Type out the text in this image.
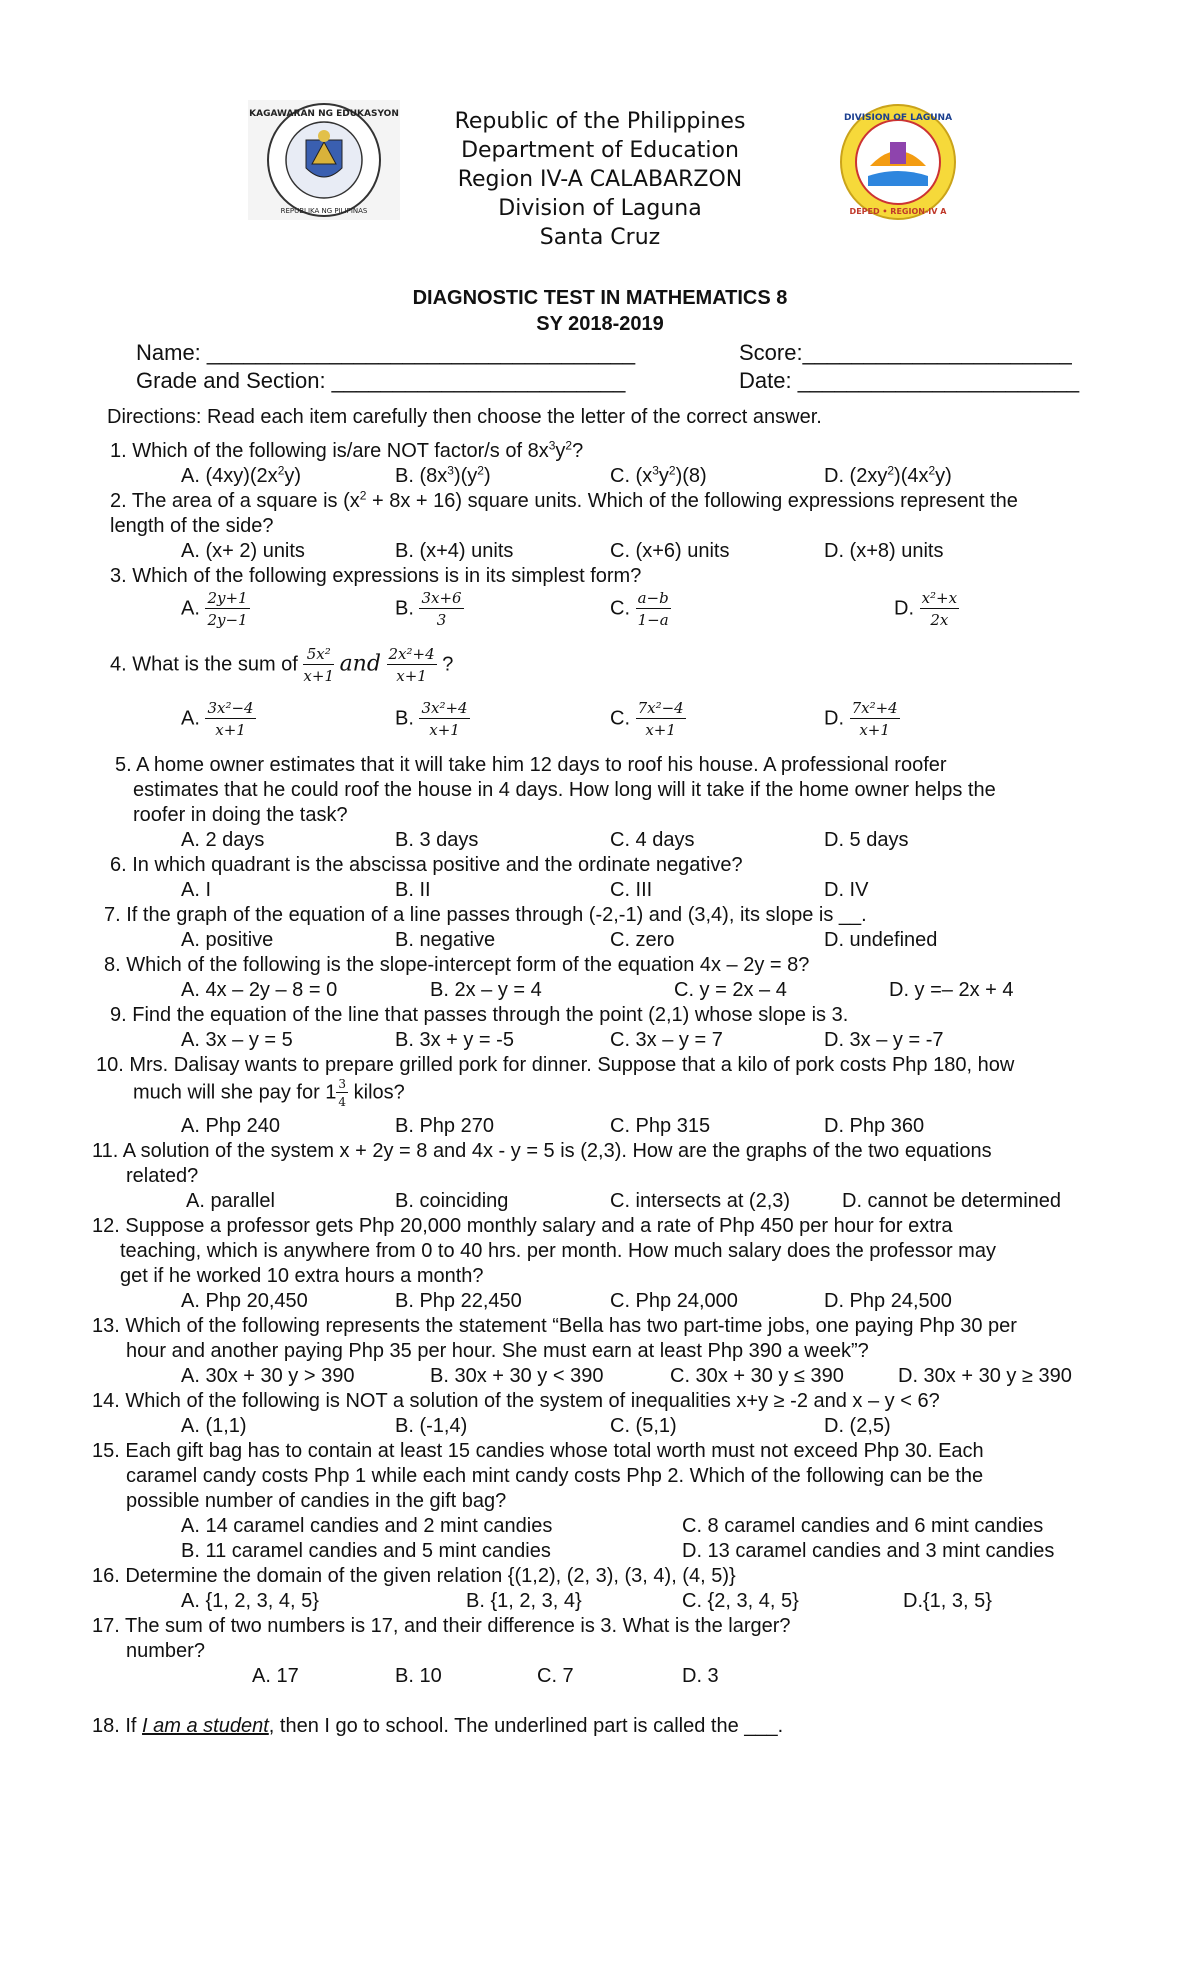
KAGAWARAN NG EDUKASYON
REPUBLIKA NG PILIPINAS
DIVISION OF LAGUNA
DEPED • REGION-IV A
Republic of the Philippines
Department of Education
Region IV-A CALABARZON
Division of Laguna
Santa Cruz
DIAGNOSTIC TEST IN MATHEMATICS 8
SY 2018-2019
Name: ___________________________________	Score:______________________
Grade and Section: ________________________	Date: _______________________
Directions: Read each item carefully then choose the letter of the correct answer.
1. Which of the following is/are NOT factor/s of $8x^3y^2$?
A. $(4xy)(2x^2y)$	B. $(8x^3)(y^2)$	C. $(x^3y^2)(8)$	D. $(2xy^2)(4x^2y)$
2. The area of a square is $(x^2 + 8x + 16)$ square units. Which of the following expressions represent the
length of the side?
A. (x+ 2) units	B. (x+4) units	C. (x+6) units	D. (x+8) units
3. Which of the following expressions is in its simplest form?
A. $\frac{2y+1}{2y-1}$	B. $\frac{3x+6}{3}$	C. $\frac{a-b}{1-a}$	D. $\frac{\text{x²+x}}{2x}$
4. What is the sum of $\frac{\text{5x²}}{x+1}$ and $\frac{\text{2x²+4}}{x+1}$ ?
A. $\frac{\text{3x²−4}}{x+1}$	B. $\frac{\text{3x²+4}}{x+1}$	C. $\frac{\text{7x²−4}}{x+1}$	D. $\frac{\text{7x²+4}}{x+1}$
5. A home owner estimates that it will take him 12 days to roof his house. A professional roofer
estimates that he could roof the house in 4 days. How long will it take if the home owner helps the
roofer in doing the task?
A. 2 days	B. 3 days	C. 4 days	D. 5 days
6. In which quadrant is the abscissa positive and the ordinate negative?
A. I	B. II	C. III	D. IV
7. If the graph of the equation of a line passes through (-2,-1) and (3,4), its slope is __.
A. positive	B. negative	C. zero	D. undefined
8. Which of the following is the slope-intercept form of the equation 4x – 2y = 8?
A. 4x – 2y – 8 = 0	B. 2x – y = 4	C. y = 2x – 4	D. y =– 2x + 4
9. Find the equation of the line that passes through the point (2,1) whose slope is 3.
A. 3x – y = 5	B. 3x + y = -5	C. 3x – y = 7	D. 3x – y = -7
10. Mrs. Dalisay wants to prepare grilled pork for dinner. Suppose that a kilo of pork costs Php 180, how
much will she pay for $1 \frac{3}{4}$ kilos?
A. Php 240	B. Php 270	C. Php 315	D. Php 360
11. A solution of the system x + 2y = 8 and 4x - y = 5 is (2,3). How are the graphs of the two equations
related?
A. parallel	B. coinciding	C. intersects at (2,3)	D. cannot be determined
12. Suppose a professor gets Php 20,000 monthly salary and a rate of Php 450 per hour for extra
teaching, which is anywhere from 0 to 40 hrs. per month. How much salary does the professor may
get if he worked 10 extra hours a month?
A. Php 20,450	B. Php 22,450	C. Php 24,000	D. Php 24,500
13. Which of the following represents the statement “Bella has two part-time jobs, one paying Php 30 per
hour and another paying Php 35 per hour. She must earn at least Php 390 a week”?
A. 30x + 30 y > 390	B. 30x + 30 y < 390	C. 30x + 30 y ≤ 390	D. 30x + 30 y ≥ 390
14. Which of the following is NOT a solution of the system of inequalities x+y ≥ -2 and x – y < 6?
A. (1,1)	B. (-1,4)	C. (5,1)	D. (2,5)
15. Each gift bag has to contain at least 15 candies whose total worth must not exceed Php 30. Each
caramel candy costs Php 1 while each mint candy costs Php 2. Which of the following can be the
possible number of candies in the gift bag?
A. 14 caramel candies and 2 mint candies
B. 11 caramel candies and 5 mint candies
C. 8 caramel candies and 6 mint candies
D. 13 caramel candies and 3 mint candies
16. Determine the domain of the given relation {(1,2), (2, 3), (3, 4), (4, 5)}
A. {1, 2, 3, 4, 5}	B. {1, 2, 3, 4}	C. {2, 3, 4, 5}	D.{1, 3, 5}
17. The sum of two numbers is 17, and their difference is 3. What is the larger?
number?
A. 17	B. 10	C. 7	D. 3
18. If I am a student, then I go to school. The underlined part is called the ___.
